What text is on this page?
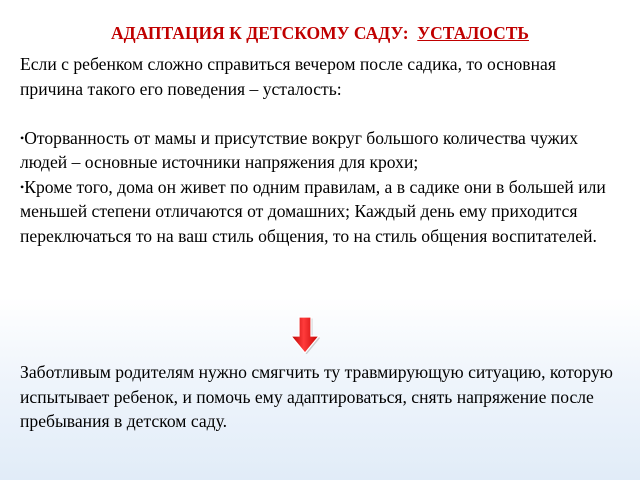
АДАПТАЦИЯ К ДЕТСКОМУ САДУ: УСТАЛОСТЬ

Если с ребенком сложно справиться вечером после садика, то основная причина такого его поведения – усталость:

•Оторванность от мамы и присутствие вокруг большого количества чужих людей – основные источники напряжения для крохи;

•Кроме того, дома он живет по одним правилам, а в садике они в большей или меньшей степени отличаются от домашних; Каждый день ему приходится переключаться то на ваш стиль общения, то на стиль общения воспитателей.

Заботливым родителям нужно смягчить ту травмирующую ситуацию, которую испытывает ребенок, и помочь ему адаптироваться, снять напряжение после пребывания в детском саду.
